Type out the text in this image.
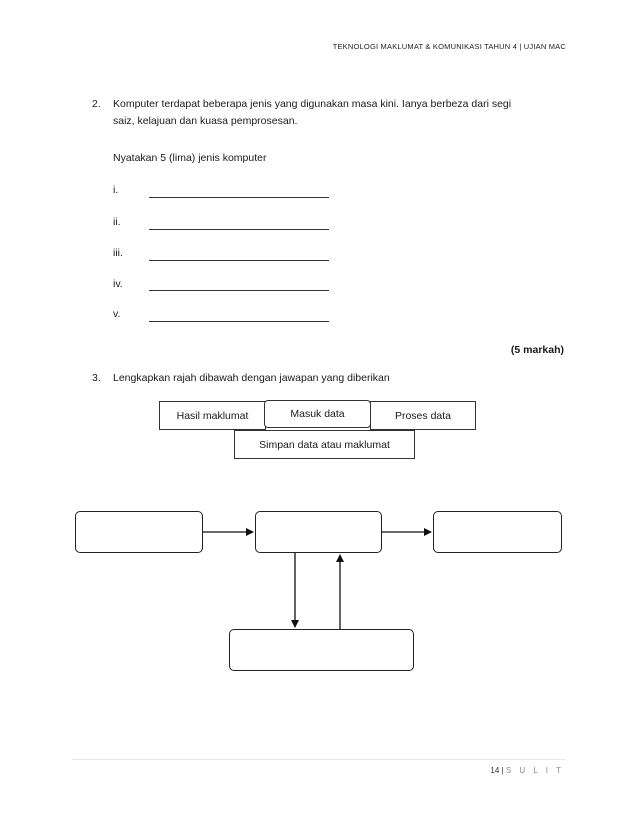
TEKNOLOGI MAKLUMAT & KOMUNIKASI TAHUN 4 | UJIAN MAC
2. Komputer terdapat beberapa jenis yang digunakan masa kini. Ianya berbeza dari segi
saiz, kelajuan dan kuasa pemprosesan.
Nyatakan 5 (lima) jenis komputer
i.
ii.
iii.
iv.
v.
(5 markah)
3. Lengkapkan rajah dibawah dengan jawapan yang diberikan
Hasil maklumat	Masuk data	Proses data
Simpan data atau maklumat
14 | S U L I T
